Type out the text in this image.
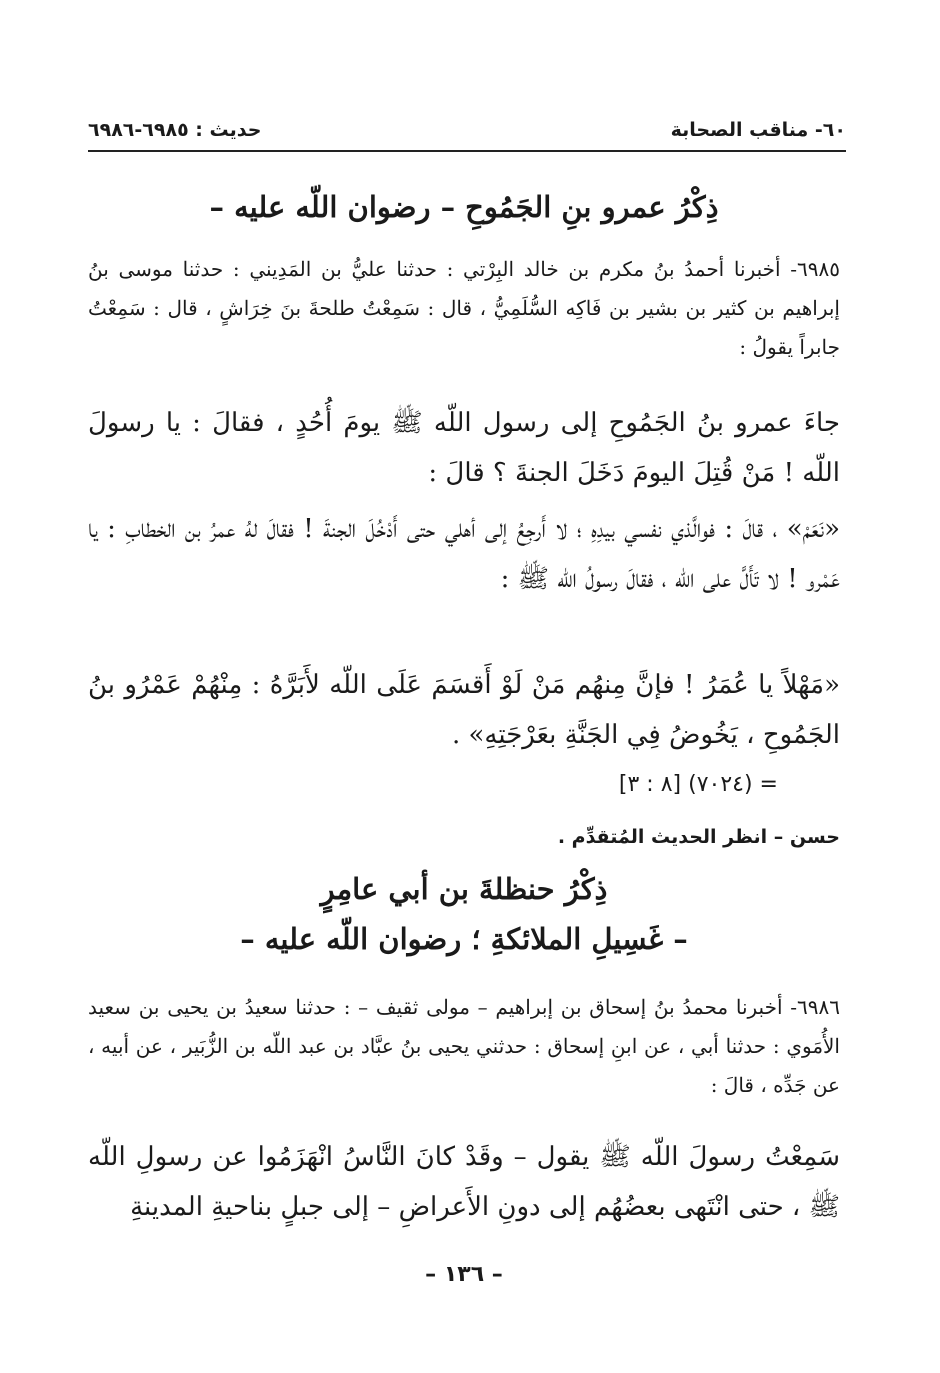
٦٠- مناقب الصحابة
حديث : ٦٩٨٥-٦٩٨٦
ذِكْرُ عمرو بنِ الجَمُوحِ – رضوان اللّه عليه –
٦٩٨٥- أخبرنا أحمدُ بنُ مكرم بن خالد البِرْتي : حدثنا عليُّ بن المَدِيني : حدثنا موسى بنُ إبراهيم بن كثير بن بشير بن فَاكِه السُّلَمِيُّ ، قال : سَمِعْتُ طلحةَ بنَ خِرَاشٍ ، قال : سَمِعْتُ جابراً يقولُ :
جاءَ عمرو بنُ الجَمُوحِ إلى رسول اللّه ﷺ يومَ أُحُدٍ ، فقالَ : يا رسولَ اللّه ! مَنْ قُتِلَ اليومَ دَخَلَ الجنةَ ؟ قالَ :
«نَعَمْ» ، قالَ : فوالَّذي نفسي بيدِهِ ؛ لا أَرجِعُ إلى أهلي حتى أَدْخُلَ الجنةَ ! فقالَ لهُ عمرُ بن الخطابِ : يا عَمْرو ! لا تَأَلَّ على اللّه ، فقالَ رسولُ اللّه ﷺ :
«مَهْلاً يا عُمَرُ ! فإنَّ مِنهُم مَنْ لَوْ أَقسَمَ عَلَى اللّه لأَبَرَّهُ : مِنْهُمْ عَمْرُو بنُ الجَمُوحِ ، يَخُوضُ فِي الجَنَّةِ بعَرْجَتِهِ» .
= (٧٠٢٤) [٨ : ٣]
حسن – انظر الحديث المُتقدِّم .
ذِكْرُ حنظلةَ بن أبي عامِرٍ
– غَسِيلِ الملائكةِ ؛ رضوان اللّه عليه –
٦٩٨٦- أخبرنا محمدُ بنُ إسحاق بن إبراهيم – مولى ثقيف – : حدثنا سعيدُ بن يحيى بن سعيد الأُمَوي : حدثنا أبي ، عن ابنِ إسحاق : حدثني يحيى بنُ عبَّاد بن عبد اللّه بن الزُّبَير ، عن أبيه ، عن جَدِّه ، قالَ :
سَمِعْتُ رسولَ اللّه ﷺ يقول – وقَدْ كانَ النَّاسُ انْهَزَمُوا عن رسولِ اللّه ﷺ ، حتى انْتَهى بعضُهُم إلى دونِ الأَعراضِ – إلى جبلٍ بناحيةِ المدينةِ
– ١٣٦ –
